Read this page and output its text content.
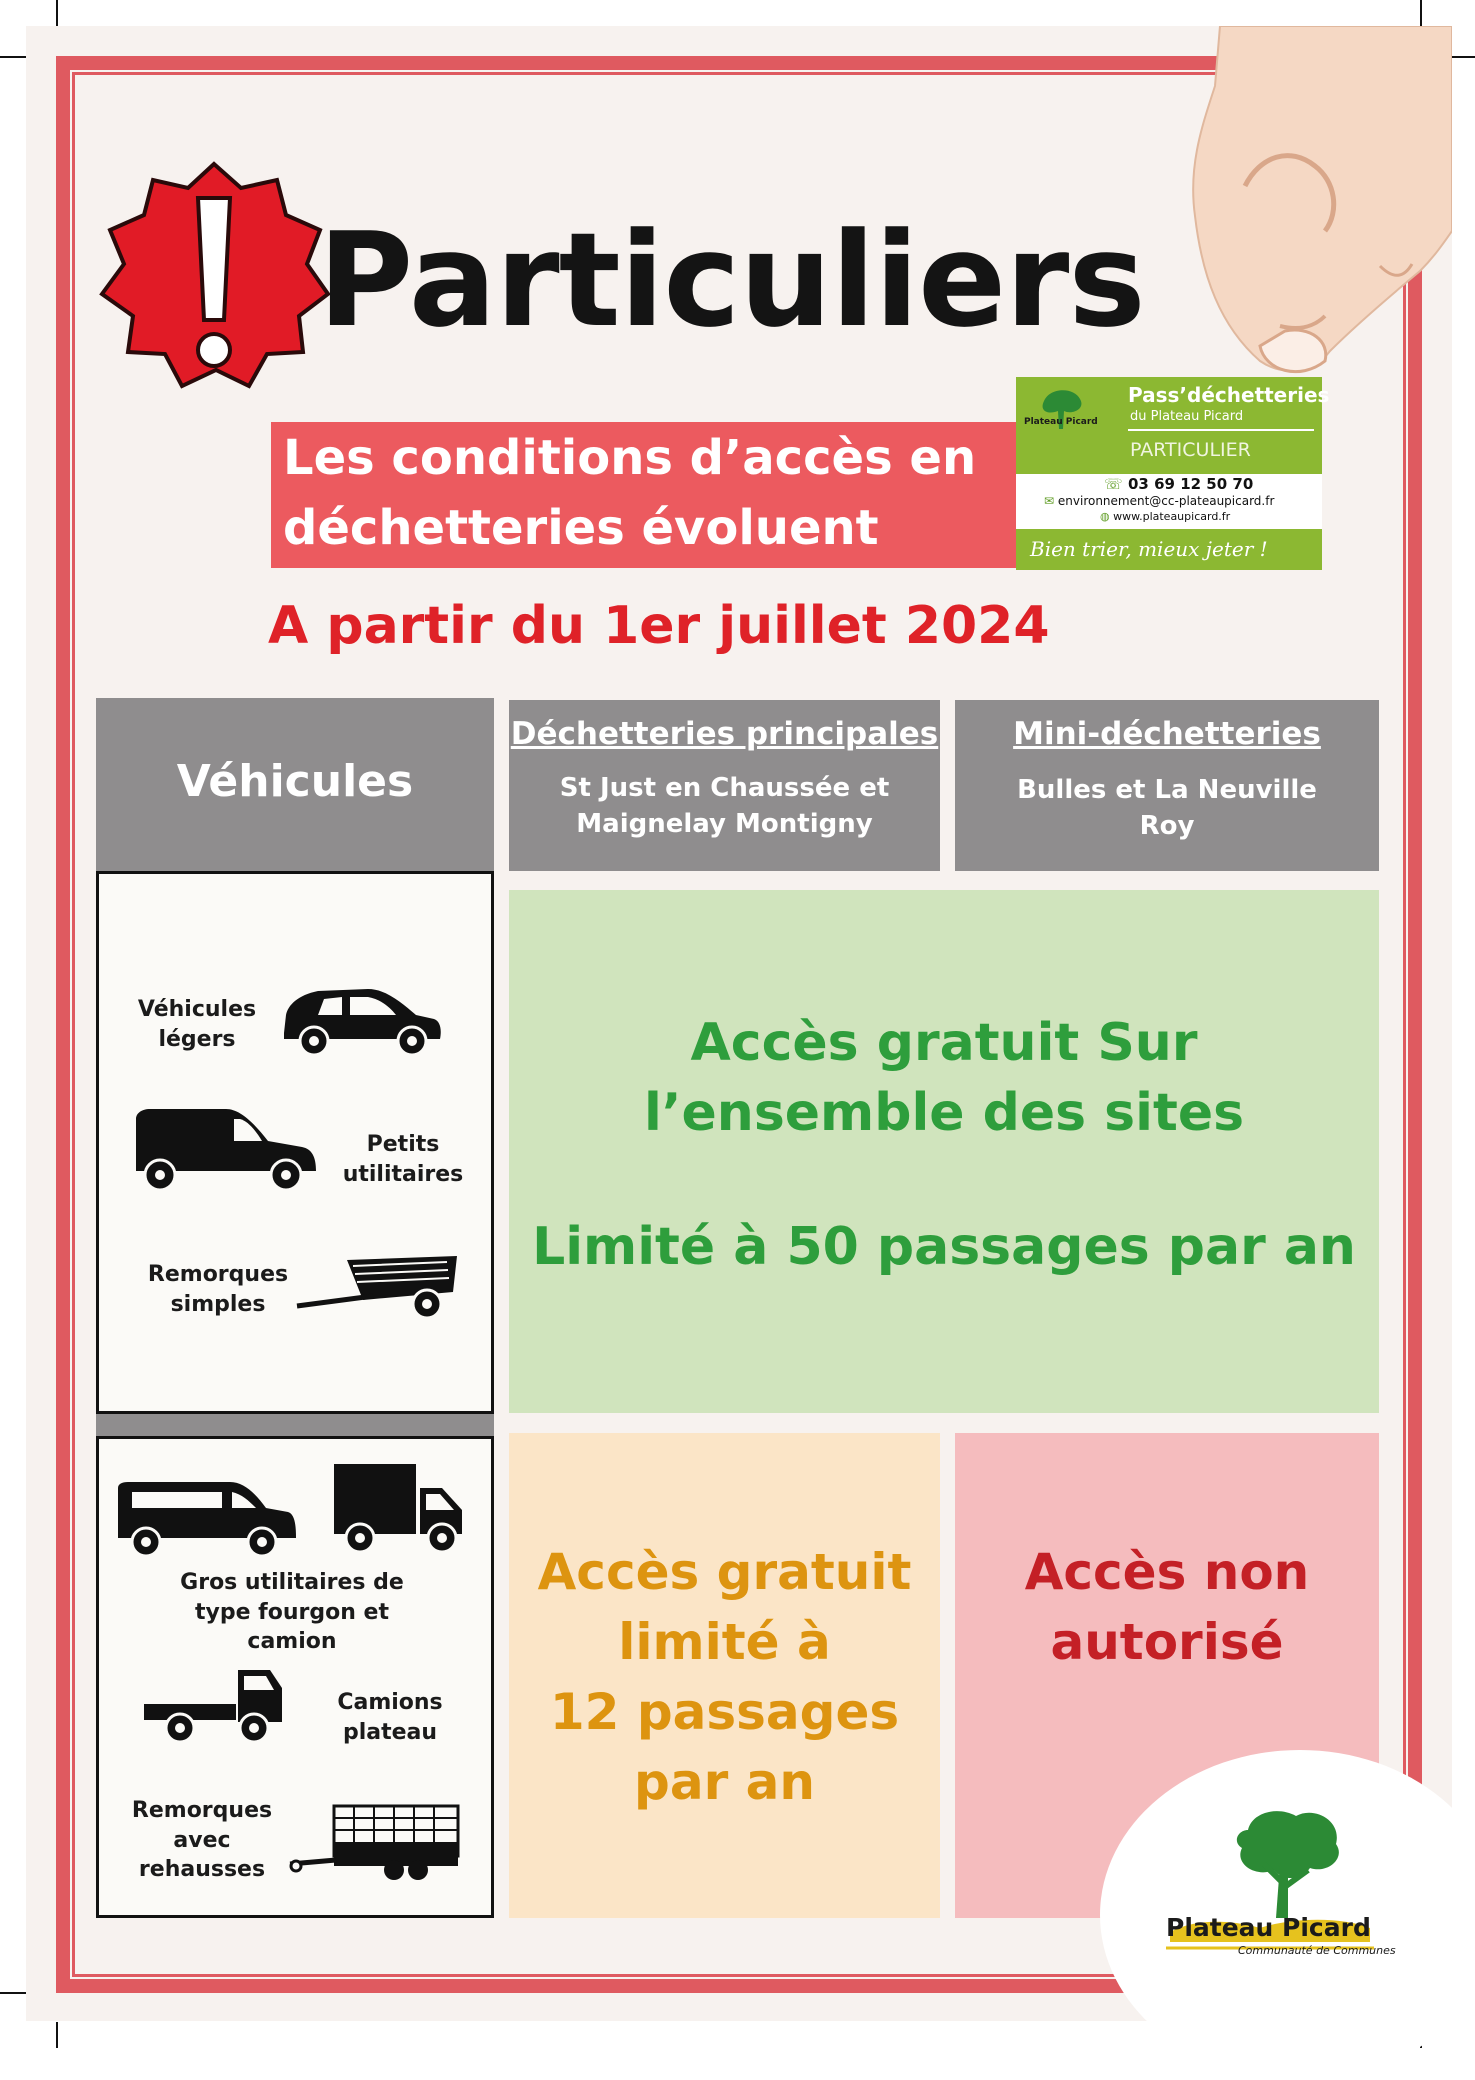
Particuliers
Les conditions d’accès en
déchetteries évoluent
Plateau Picard
Pass’déchetteries
du Plateau Picard
PARTICULIER
☏ 03 69 12 50 70
✉ environnement@cc-plateaupicard.fr
◍ www.plateaupicard.fr
Bien trier, mieux jeter !
A partir du 1er juillet 2024
Véhicules
Déchetteries principales
St Just en Chaussée et Maignelay Montigny
Mini-déchetteries
Bulles et La Neuville Roy
Véhicules légers
Petits utilitaires
Remorques simples
Accès gratuit Sur
l’ensemble des sites
Limité à 50 passages par an
Gros utilitaires de type fourgon et camion
Camions plateau
Remorques avec rehausses
Accès gratuit
limité à
12 passages
par an
Accès non
autorisé
Plateau Picard
Communauté de Communes
